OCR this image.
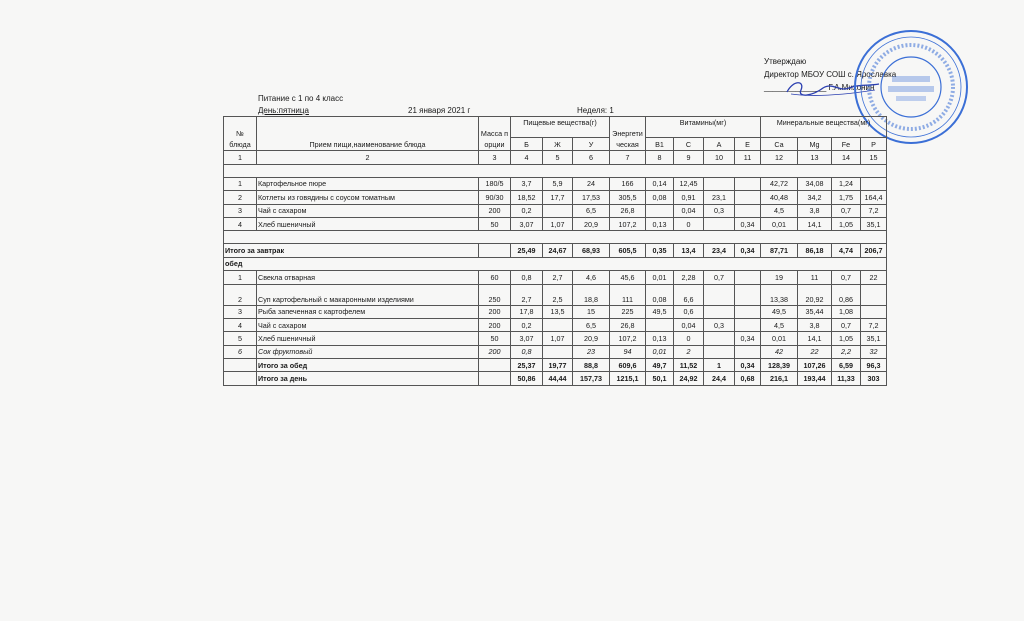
Утверждаю
Директор МБОУ СОШ с. Ярославка
______________ Г.А.Михонин
Питание с 1 по 4 класс
День:пятница	21 января 2021 г	Неделя: 1
№ блюда	Прием пищи,наименование блюда	Масса порции	Пищевые вещества(г)			Энергетическая	Витамины(мг)				Минеральные вещества(мг)			
			Б	Ж	У		В1	С	А	Е	Ca	Mg	Fe	P
1	2	3	4	5	6	7	8	9	10	11	12	13	14	15

1	Картофельное пюре	180/5	3,7	5,9	24	166	0,14	12,45			42,72	34,08	1,24	
2	Котлеты из говядины с соусом томатным	90/30	18,52	17,7	17,53	305,5	0,08	0,91	23,1		40,48	34,2	1,75	164,4
3	Чай с сахаром	200	0,2		6,5	26,8		0,04	0,3		4,5	3,8	0,7	7,2
4	Хлеб пшеничный	50	3,07	1,07	20,9	107,2	0,13	0		0,34	0,01	14,1	1,05	35,1

Итого за завтрак			25,49	24,67	68,93	605,5	0,35	13,4	23,4	0,34	87,71	86,18	4,74	206,7
обед														
1	Свекла отварная	60	0,8	2,7	4,6	45,6	0,01	2,28	0,7		19	11	0,7	22
2	Суп картофельный с макаронными изделиями	250	2,7	2,5	18,8	111	0,08	6,6			13,38	20,92	0,86	
3	Рыба запеченная с картофелем	200	17,8	13,5	15	225	49,5	0,6			49,5	35,44	1,08	
4	Чай с сахаром	200	0,2		6,5	26,8		0,04	0,3		4,5	3,8	0,7	7,2
5	Хлеб пшеничный	50	3,07	1,07	20,9	107,2	0,13	0		0,34	0,01	14,1	1,05	35,1
6	Сок фруктовый	200	0,8		23	94	0,01	2			42	22	2,2	32
	Итого за обед		25,37	19,77	88,8	609,6	49,7	11,52	1	0,34	128,39	107,26	6,59	96,3
	Итого за день		50,86	44,44	157,73	1215,1	50,1	24,92	24,4	0,68	216,1	193,44	11,33	303
